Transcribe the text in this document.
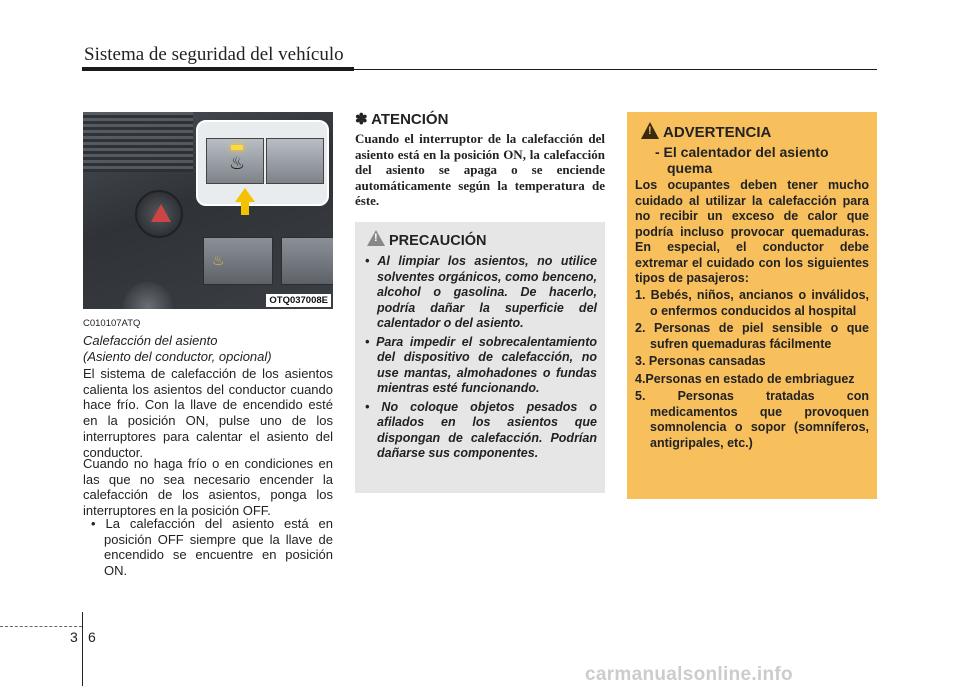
Sistema de seguridad del vehículo
♨
♨
OTQ037008E
C010107ATQ
Calefacción del asiento
(Asiento del conductor, opcional)
El sistema de calefacción de los asientos calienta los asientos del conductor cuando hace frío. Con la llave de encendido esté en la posición ON, pulse uno de los interruptores para calentar el asiento del conductor.
Cuando no haga frío o en condiciones en las que no sea necesario encender la calefacción de los asientos, ponga los interruptores en la posición OFF.
• La calefacción del asiento está en posición OFF siempre que la llave de encendido se encuentre en posición ON.
✽ ATENCIÓN
Cuando el interruptor de la calefacción del asiento está en la posición ON, la calefacción del asiento se apaga o se enciende automáticamente según la temperatura de éste.
!
PRECAUCIÓN
• Al limpiar los asientos, no utilice solventes orgánicos, como benceno, alcohol o gasolina. De hacerlo, podría dañar la superficie del calentador o del asiento.
• Para impedir el sobrecalentamiento del dispositivo de calefacción, no use mantas, almohadones o fundas mientras esté funcionando.
• No coloque objetos pesados o afilados en los asientos que dispongan de calefacción. Podrían dañarse sus componentes.
!
ADVERTENCIA
- El calentador del asiento quema
Los ocupantes deben tener mucho cuidado al utilizar la calefacción para no recibir un exceso de calor que podría incluso provocar quemaduras. En especial, el conductor debe extremar el cuidado con los siguientes tipos de pasajeros:
1. Bebés, niños, ancianos o inválidos, o enfermos conducidos al hospital
2. Personas de piel sensible o que sufren quemaduras fácilmente
3. Personas cansadas
4.Personas en estado de embriaguez
5. Personas tratadas con medicamentos que provoquen somnolencia o sopor (somníferos, antigripales, etc.)
3 6
carmanualsonline.info
